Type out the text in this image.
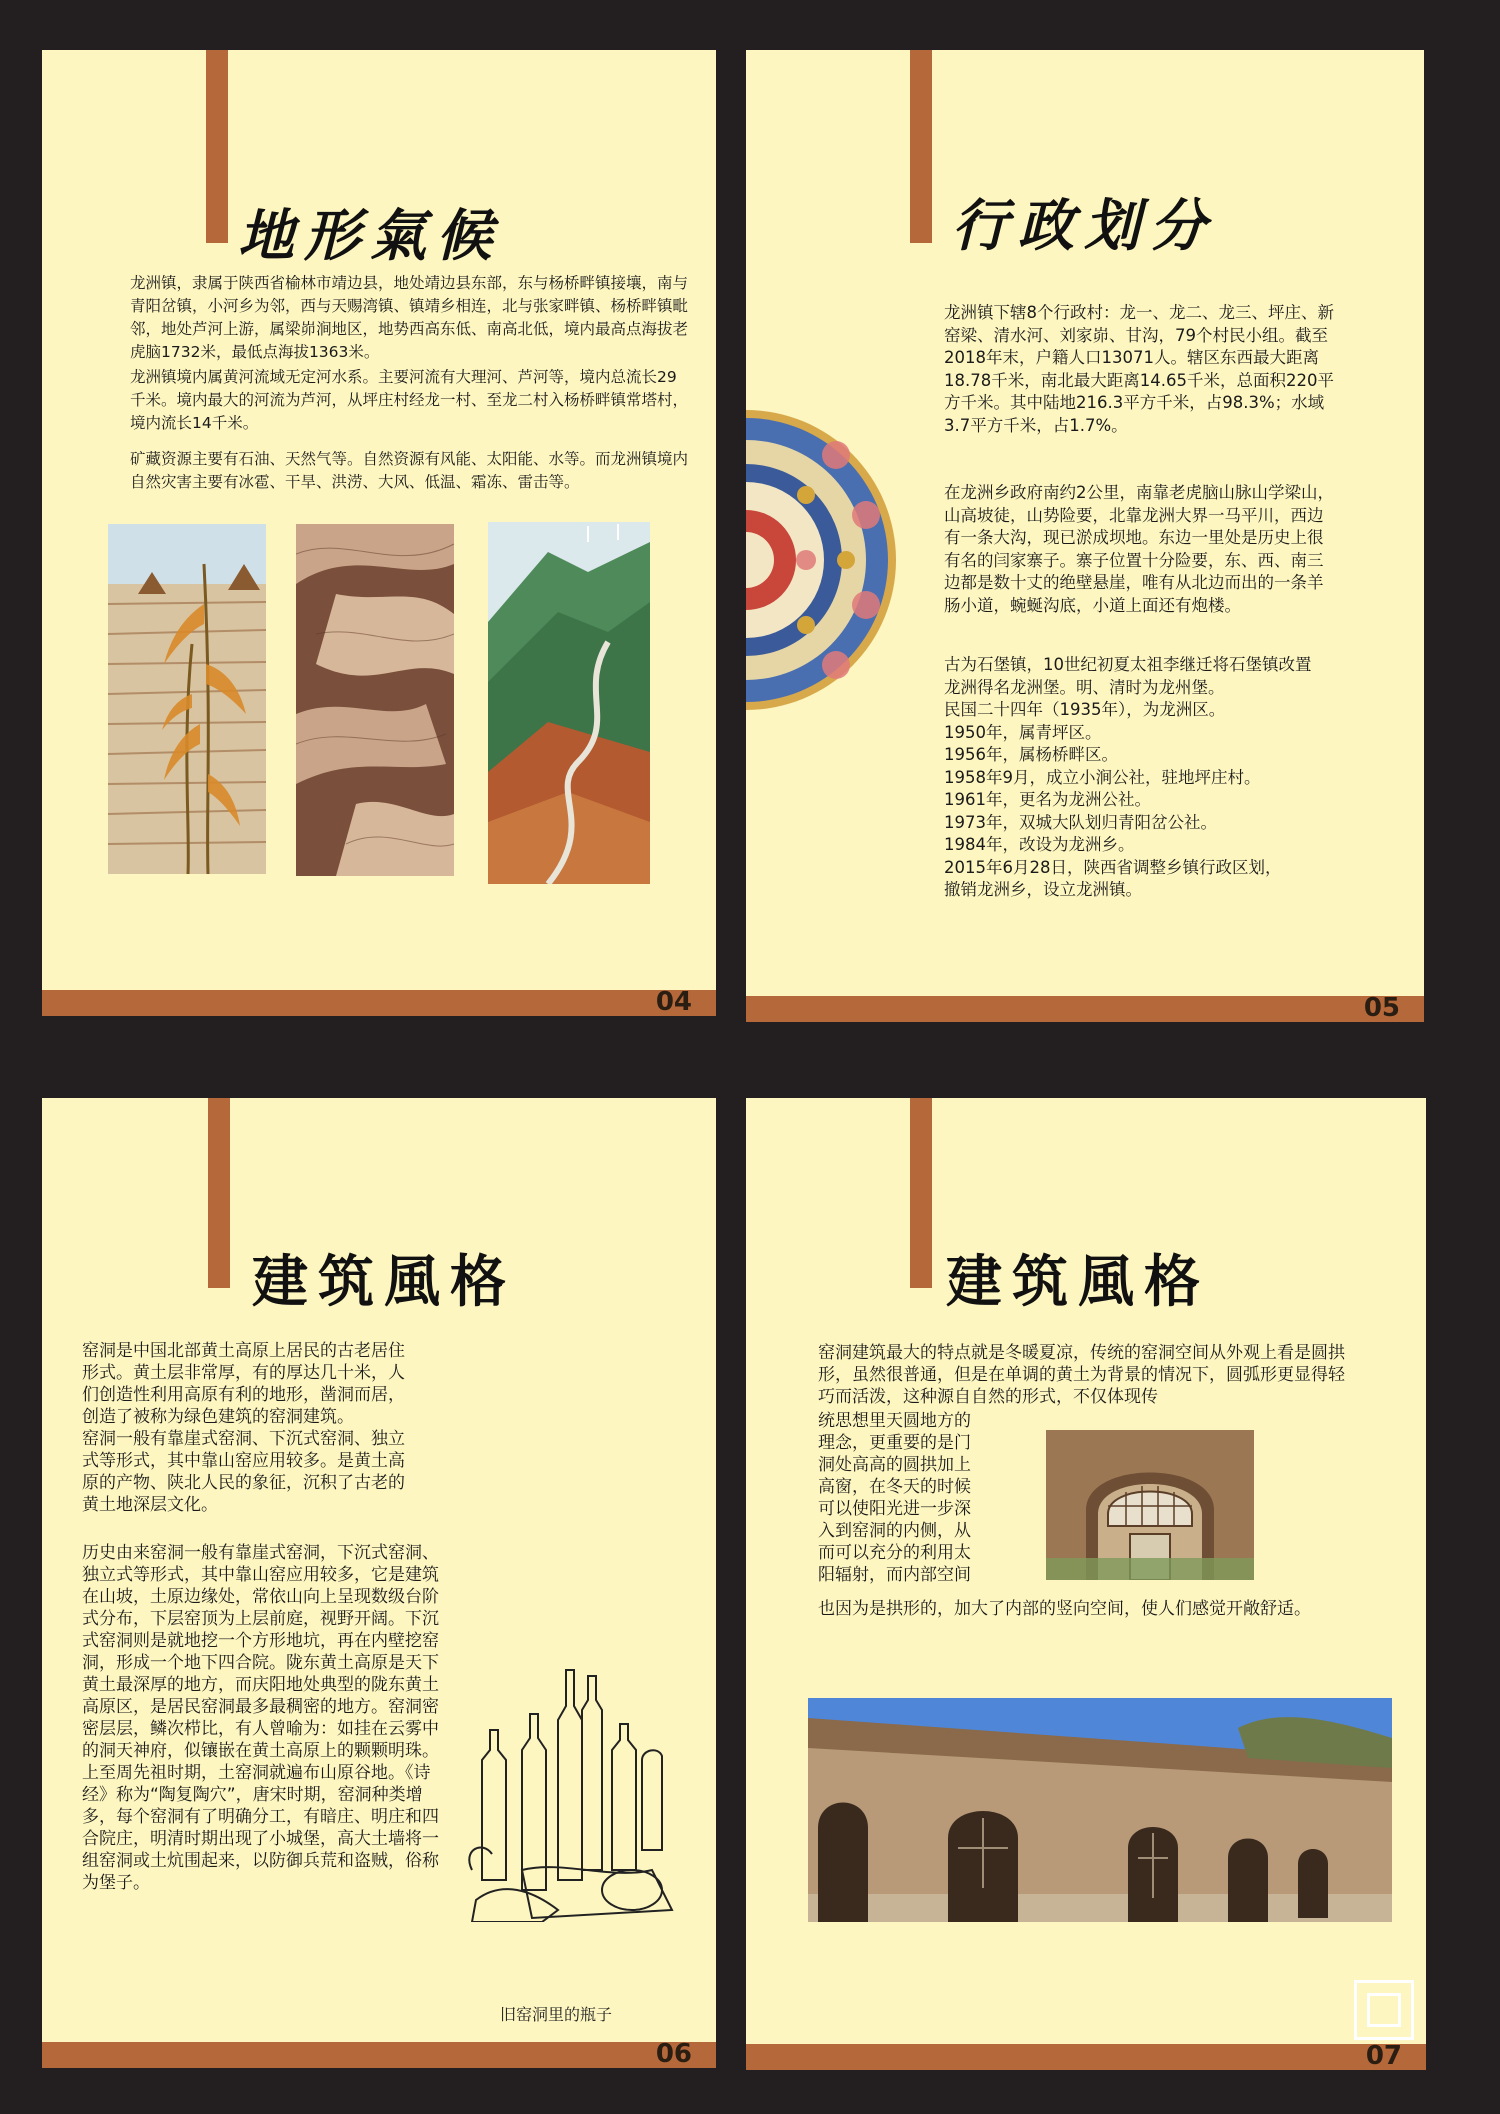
地形氣候

龙洲镇，隶属于陕西省榆林市靖边县，地处靖边县东部，东与杨桥畔镇接壤，南与青阳岔镇，小河乡为邻，西与天赐湾镇、镇靖乡相连，北与张家畔镇、杨桥畔镇毗邻，地处芦河上游，属梁峁涧地区，地势西高东低、南高北低，境内最高点海拔老虎脑1732米，最低点海拔1363米。

龙洲镇境内属黄河流域无定河水系。主要河流有大理河、芦河等，境内总流长29千米。境内最大的河流为芦河，从坪庄村经龙一村、至龙二村入杨桥畔镇常塔村，境内流长14千米。

矿藏资源主要有石油、天然气等。自然资源有风能、太阳能、水等。而龙洲镇境内自然灾害主要有冰雹、干旱、洪涝、大风、低温、霜冻、雷击等。

04
行政划分

龙洲镇下辖8个行政村：龙一、龙二、龙三、坪庄、新窑梁、清水河、刘家峁、甘沟，79个村民小组。截至2018年末，户籍人口13071人。辖区东西最大距离18.78千米，南北最大距离14.65千米，总面积220平方千米。其中陆地216.3平方千米，占98.3%；水域3.7平方千米，占1.7%。

在龙洲乡政府南约2公里，南靠老虎脑山脉山学梁山，山高坡徒，山势险要，北靠龙洲大界一马平川，西边有一条大沟，现已淤成坝地。东边一里处是历史上很有名的闫家寨子。寨子位置十分险要，东、西、南三边都是数十丈的绝壁悬崖，唯有从北边而出的一条羊肠小道，蜿蜒沟底，小道上面还有炮楼。

古为石堡镇，10世纪初夏太祖李继迁将石堡镇改置
龙洲得名龙洲堡。明、清时为龙州堡。
民国二十四年（1935年），为龙洲区。
1950年，属青坪区。
1956年，属杨桥畔区。
1958年9月，成立小涧公社，驻地坪庄村。
1961年，更名为龙洲公社。
1973年，双城大队划归青阳岔公社。
1984年，改设为龙洲乡。
2015年6月28日，陕西省调整乡镇行政区划，
撤销龙洲乡，设立龙洲镇。
05
建筑風格

窑洞是中国北部黄土高原上居民的古老居住形式。黄土层非常厚，有的厚达几十米，人们创造性利用高原有利的地形，凿洞而居，创造了被称为绿色建筑的窑洞建筑。

窑洞一般有靠崖式窑洞、下沉式窑洞、独立式等形式，其中靠山窑应用较多。是黄土高原的产物、陕北人民的象征，沉积了古老的黄土地深层文化。

历史由来窑洞一般有靠崖式窑洞，下沉式窑洞、独立式等形式，其中靠山窑应用较多，它是建筑在山坡，土原边缘处，常依山向上呈现数级台阶式分布，下层窑顶为上层前庭，视野开阔。下沉式窑洞则是就地挖一个方形地坑，再在内壁挖窑洞，形成一个地下四合院。陇东黄土高原是天下黄土最深厚的地方，而庆阳地处典型的陇东黄土高原区，是居民窑洞最多最稠密的地方。窑洞密密层层，鳞次栉比，有人曾喻为：如挂在云雾中的洞天神府，似镶嵌在黄土高原上的颗颗明珠。上至周先祖时期，土窑洞就遍布山原谷地。《诗经》称为“陶复陶穴”，唐宋时期，窑洞种类增多，每个窑洞有了明确分工，有暗庄、明庄和四合院庄，明清时期出现了小城堡，高大土墙将一组窑洞或土炕围起来，以防御兵荒和盗贼，俗称为堡子。

旧窑洞里的瓶子
06
建筑風格

窑洞建筑最大的特点就是冬暖夏凉，传统的窑洞空间从外观上看是圆拱形，虽然很普通，但是在单调的黄土为背景的情况下，圆弧形更显得轻巧而活泼，这种源自自然的形式，不仅体现传

统思想里天圆地方的
理念，更重要的是门
洞处高高的圆拱加上
高窗，在冬天的时候
可以使阳光进一步深
入到窑洞的内侧，从
而可以充分的利用太
阳辐射，而内部空间

也因为是拱形的，加大了内部的竖向空间，使人们感觉开敞舒适。

07
